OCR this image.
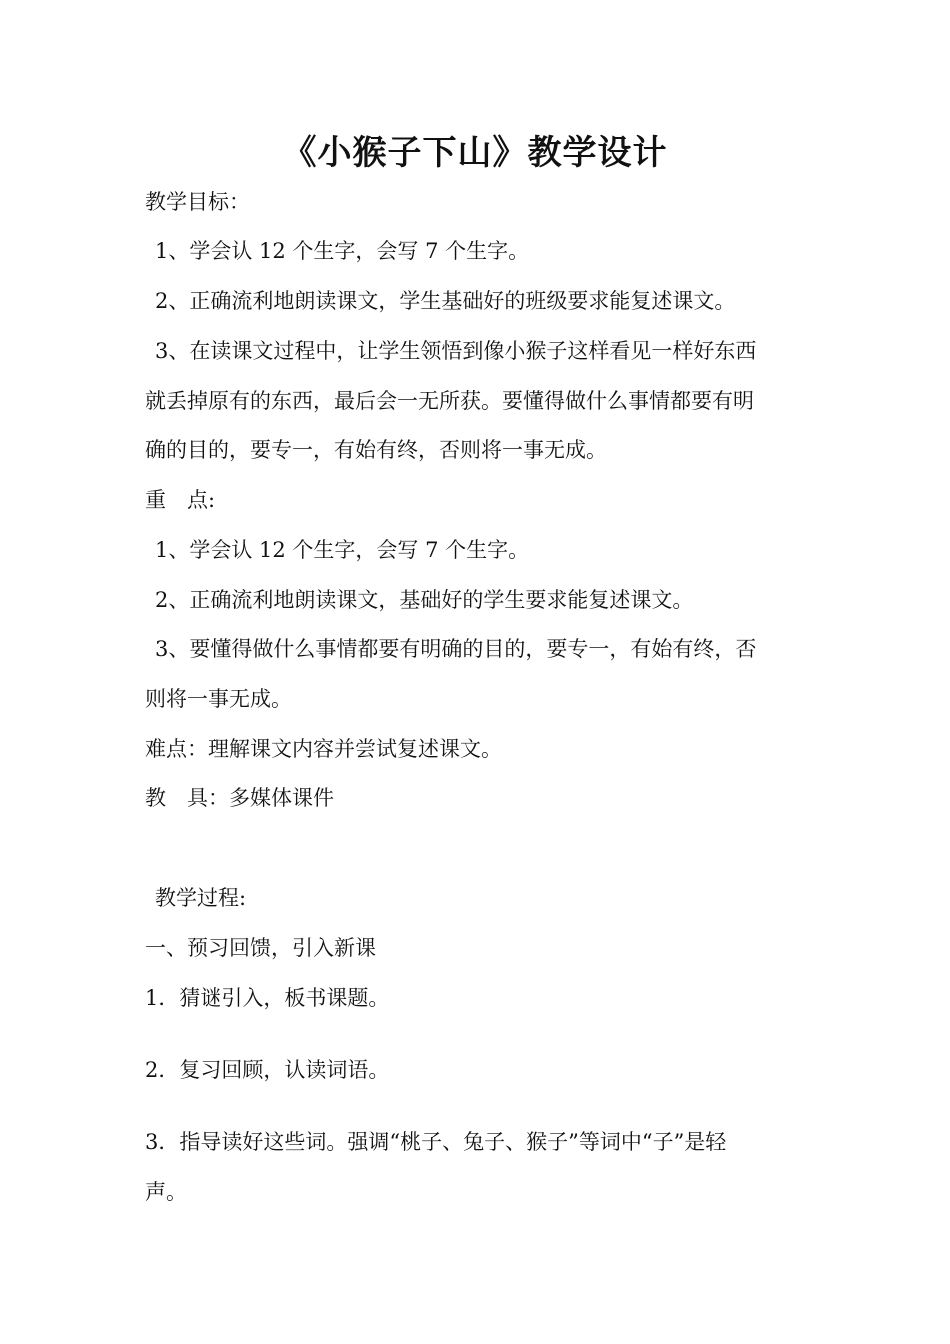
《小猴子下山》教学设计
教学目标：
1、学会认 12 个生字，会写 7 个生字。
2、正确流利地朗读课文，学生基础好的班级要求能复述课文。
3、在读课文过程中，让学生领悟到像小猴子这样看见一样好东西
就丢掉原有的东西，最后会一无所获。要懂得做什么事情都要有明
确的目的，要专一，有始有终，否则将一事无成。
重　点:
1、学会认 12 个生字，会写 7 个生字。
2、正确流利地朗读课文，基础好的学生要求能复述课文。
3、要懂得做什么事情都要有明确的目的，要专一，有始有终，否
则将一事无成。
难点：理解课文内容并尝试复述课文。
教　具：多媒体课件
教学过程:
一、预习回馈，引入新课
1．猜谜引入，板书课题。
2．复习回顾，认读词语。
3．指导读好这些词。强调“桃子、兔子、猴子”等词中“子”是轻
声。
